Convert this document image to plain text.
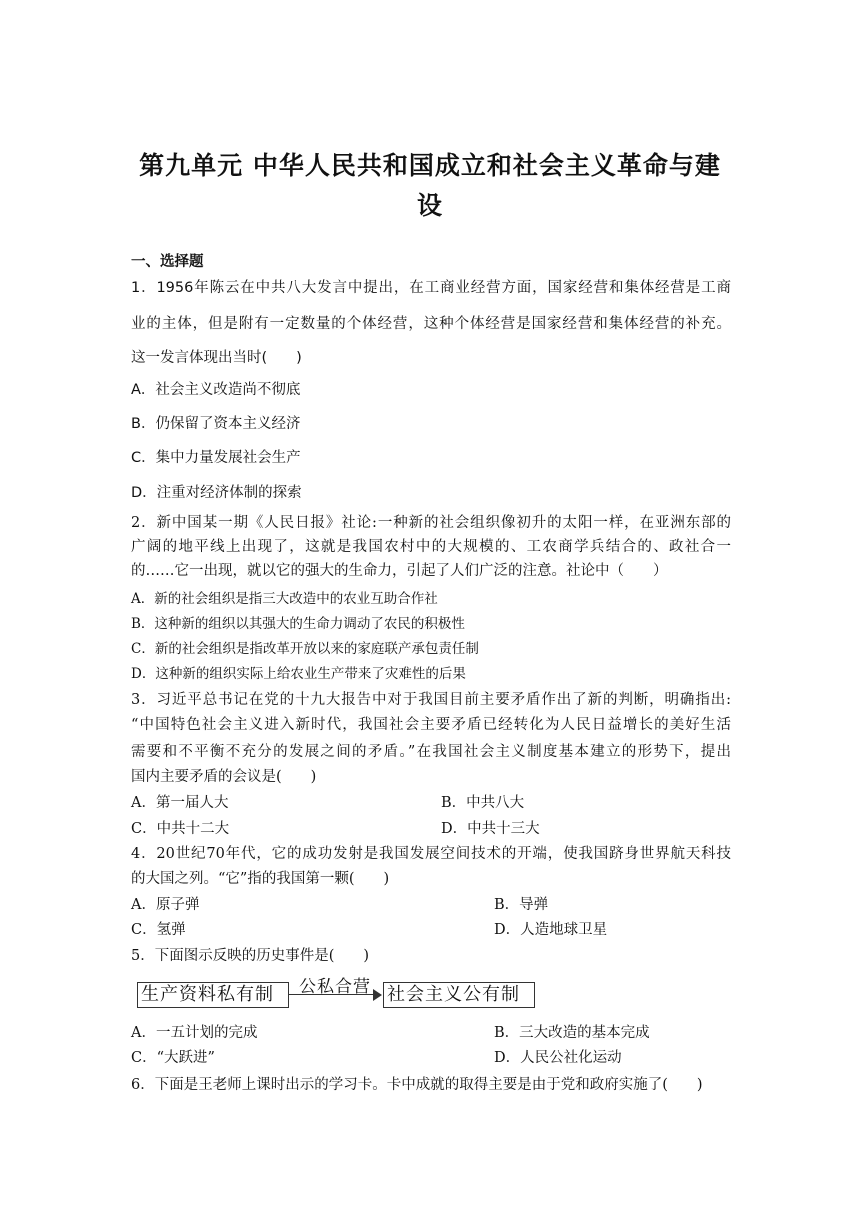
第九单元 中华人民共和国成立和社会主义革命与建
设
一、选择题
1．1956年陈云在中共八大发言中提出，在工商业经营方面，国家经营和集体经营是工商
业的主体，但是附有一定数量的个体经营，这种个体经营是国家经营和集体经营的补充。
这一发言体现出当时(　　)
A．社会主义改造尚不彻底
B．仍保留了资本主义经济
C．集中力量发展社会生产
D．注重对经济体制的探索
2．新中国某一期《人民日报》社论:一种新的社会组织像初升的太阳一样，在亚洲东部的
广阔的地平线上出现了，这就是我国农村中的大规模的、工农商学兵结合的、政社合一
的……它一出现，就以它的强大的生命力，引起了人们广泛的注意。社论中（　　）
A．新的社会组织是指三大改造中的农业互助合作社
B．这种新的组织以其强大的生命力调动了农民的积极性
C．新的社会组织是指改革开放以来的家庭联产承包责任制
D．这种新的组织实际上给农业生产带来了灾难性的后果
3．习近平总书记在党的十九大报告中对于我国目前主要矛盾作出了新的判断，明确指出:
“中国特色社会主义进入新时代，我国社会主要矛盾已经转化为人民日益增长的美好生活
需要和不平衡不充分的发展之间的矛盾。”在我国社会主义制度基本建立的形势下，提出
国内主要矛盾的会议是(　　)
A．第一届人大	B．中共八大
C．中共十二大	D．中共十三大
4．20世纪70年代，它的成功发射是我国发展空间技术的开端，使我国跻身世界航天科技
的大国之列。“它”指的我国第一颗(　　)
A．原子弹	B．导弹
C．氢弹	D．人造地球卫星
5．下面图示反映的历史事件是(　　)
生产资料私有制	公私合营 社会主义公有制
A．一五计划的完成	B．三大改造的基本完成
C．“大跃进”	D．人民公社化运动
6．下面是王老师上课时出示的学习卡。卡中成就的取得主要是由于党和政府实施了(　　)
